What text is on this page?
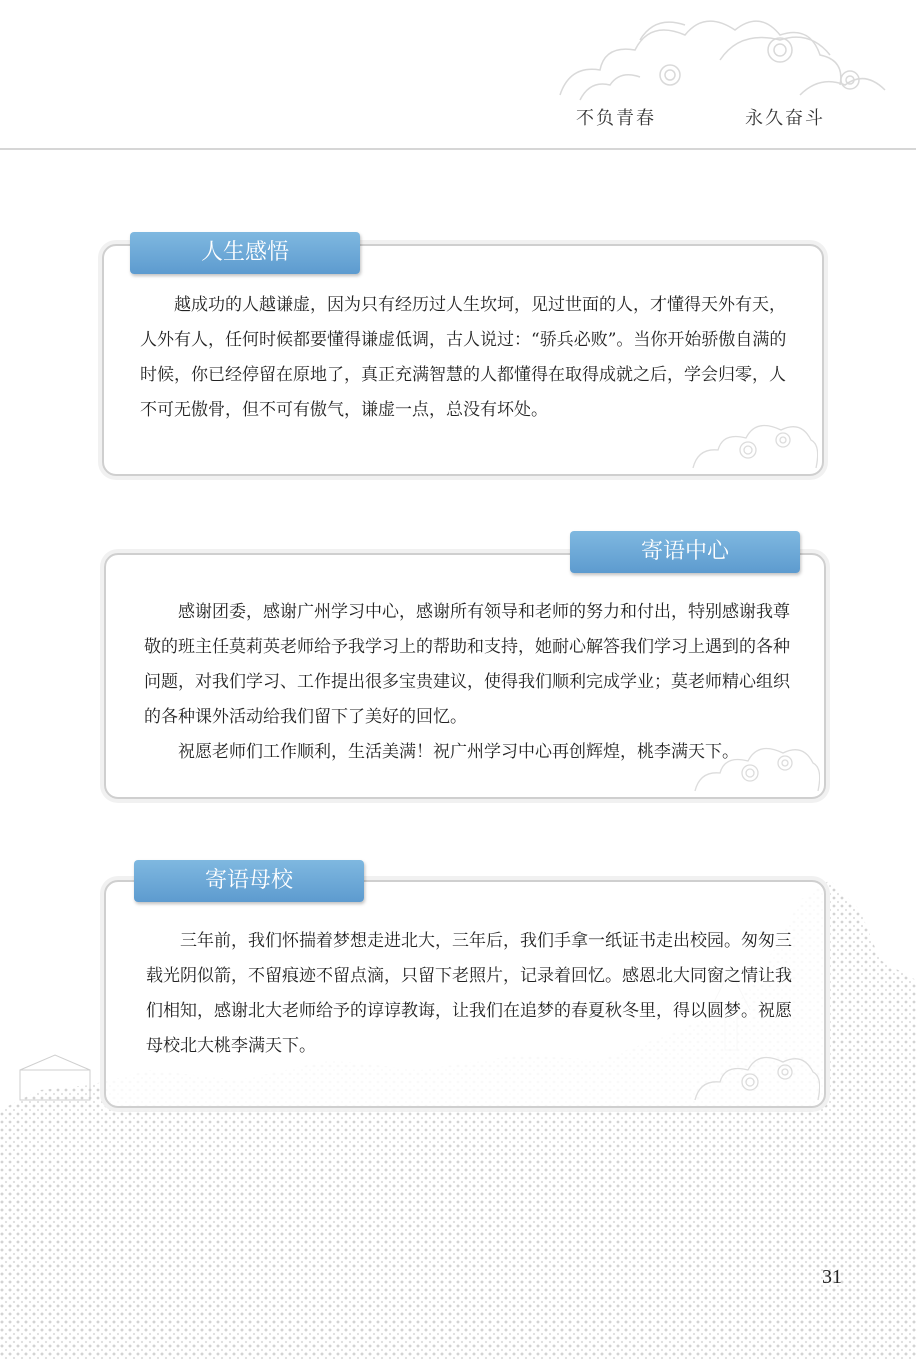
不负青春	永久奋斗
人生感悟

越成功的人越谦虚，因为只有经历过人生坎坷，见过世面的人，才懂得天外有天，人外有人，任何时候都要懂得谦虚低调，古人说过：“骄兵必败”。当你开始骄傲自满的时候，你已经停留在原地了，真正充满智慧的人都懂得在取得成就之后，学会归零，人不可无傲骨，但不可有傲气，谦虚一点，总没有坏处。

寄语中心

感谢团委，感谢广州学习中心，感谢所有领导和老师的努力和付出，特别感谢我尊敬的班主任莫莉英老师给予我学习上的帮助和支持，她耐心解答我们学习上遇到的各种问题，对我们学习、工作提出很多宝贵建议，使得我们顺利完成学业；莫老师精心组织的各种课外活动给我们留下了美好的回忆。

祝愿老师们工作顺利，生活美满！祝广州学习中心再创辉煌，桃李满天下。

寄语母校

三年前，我们怀揣着梦想走进北大，三年后，我们手拿一纸证书走出校园。匆匆三载光阴似箭，不留痕迹不留点滴，只留下老照片，记录着回忆。感恩北大同窗之情让我们相知，感谢北大老师给予的谆谆教诲，让我们在追梦的春夏秋冬里，得以圆梦。祝愿母校北大桃李满天下。

31
